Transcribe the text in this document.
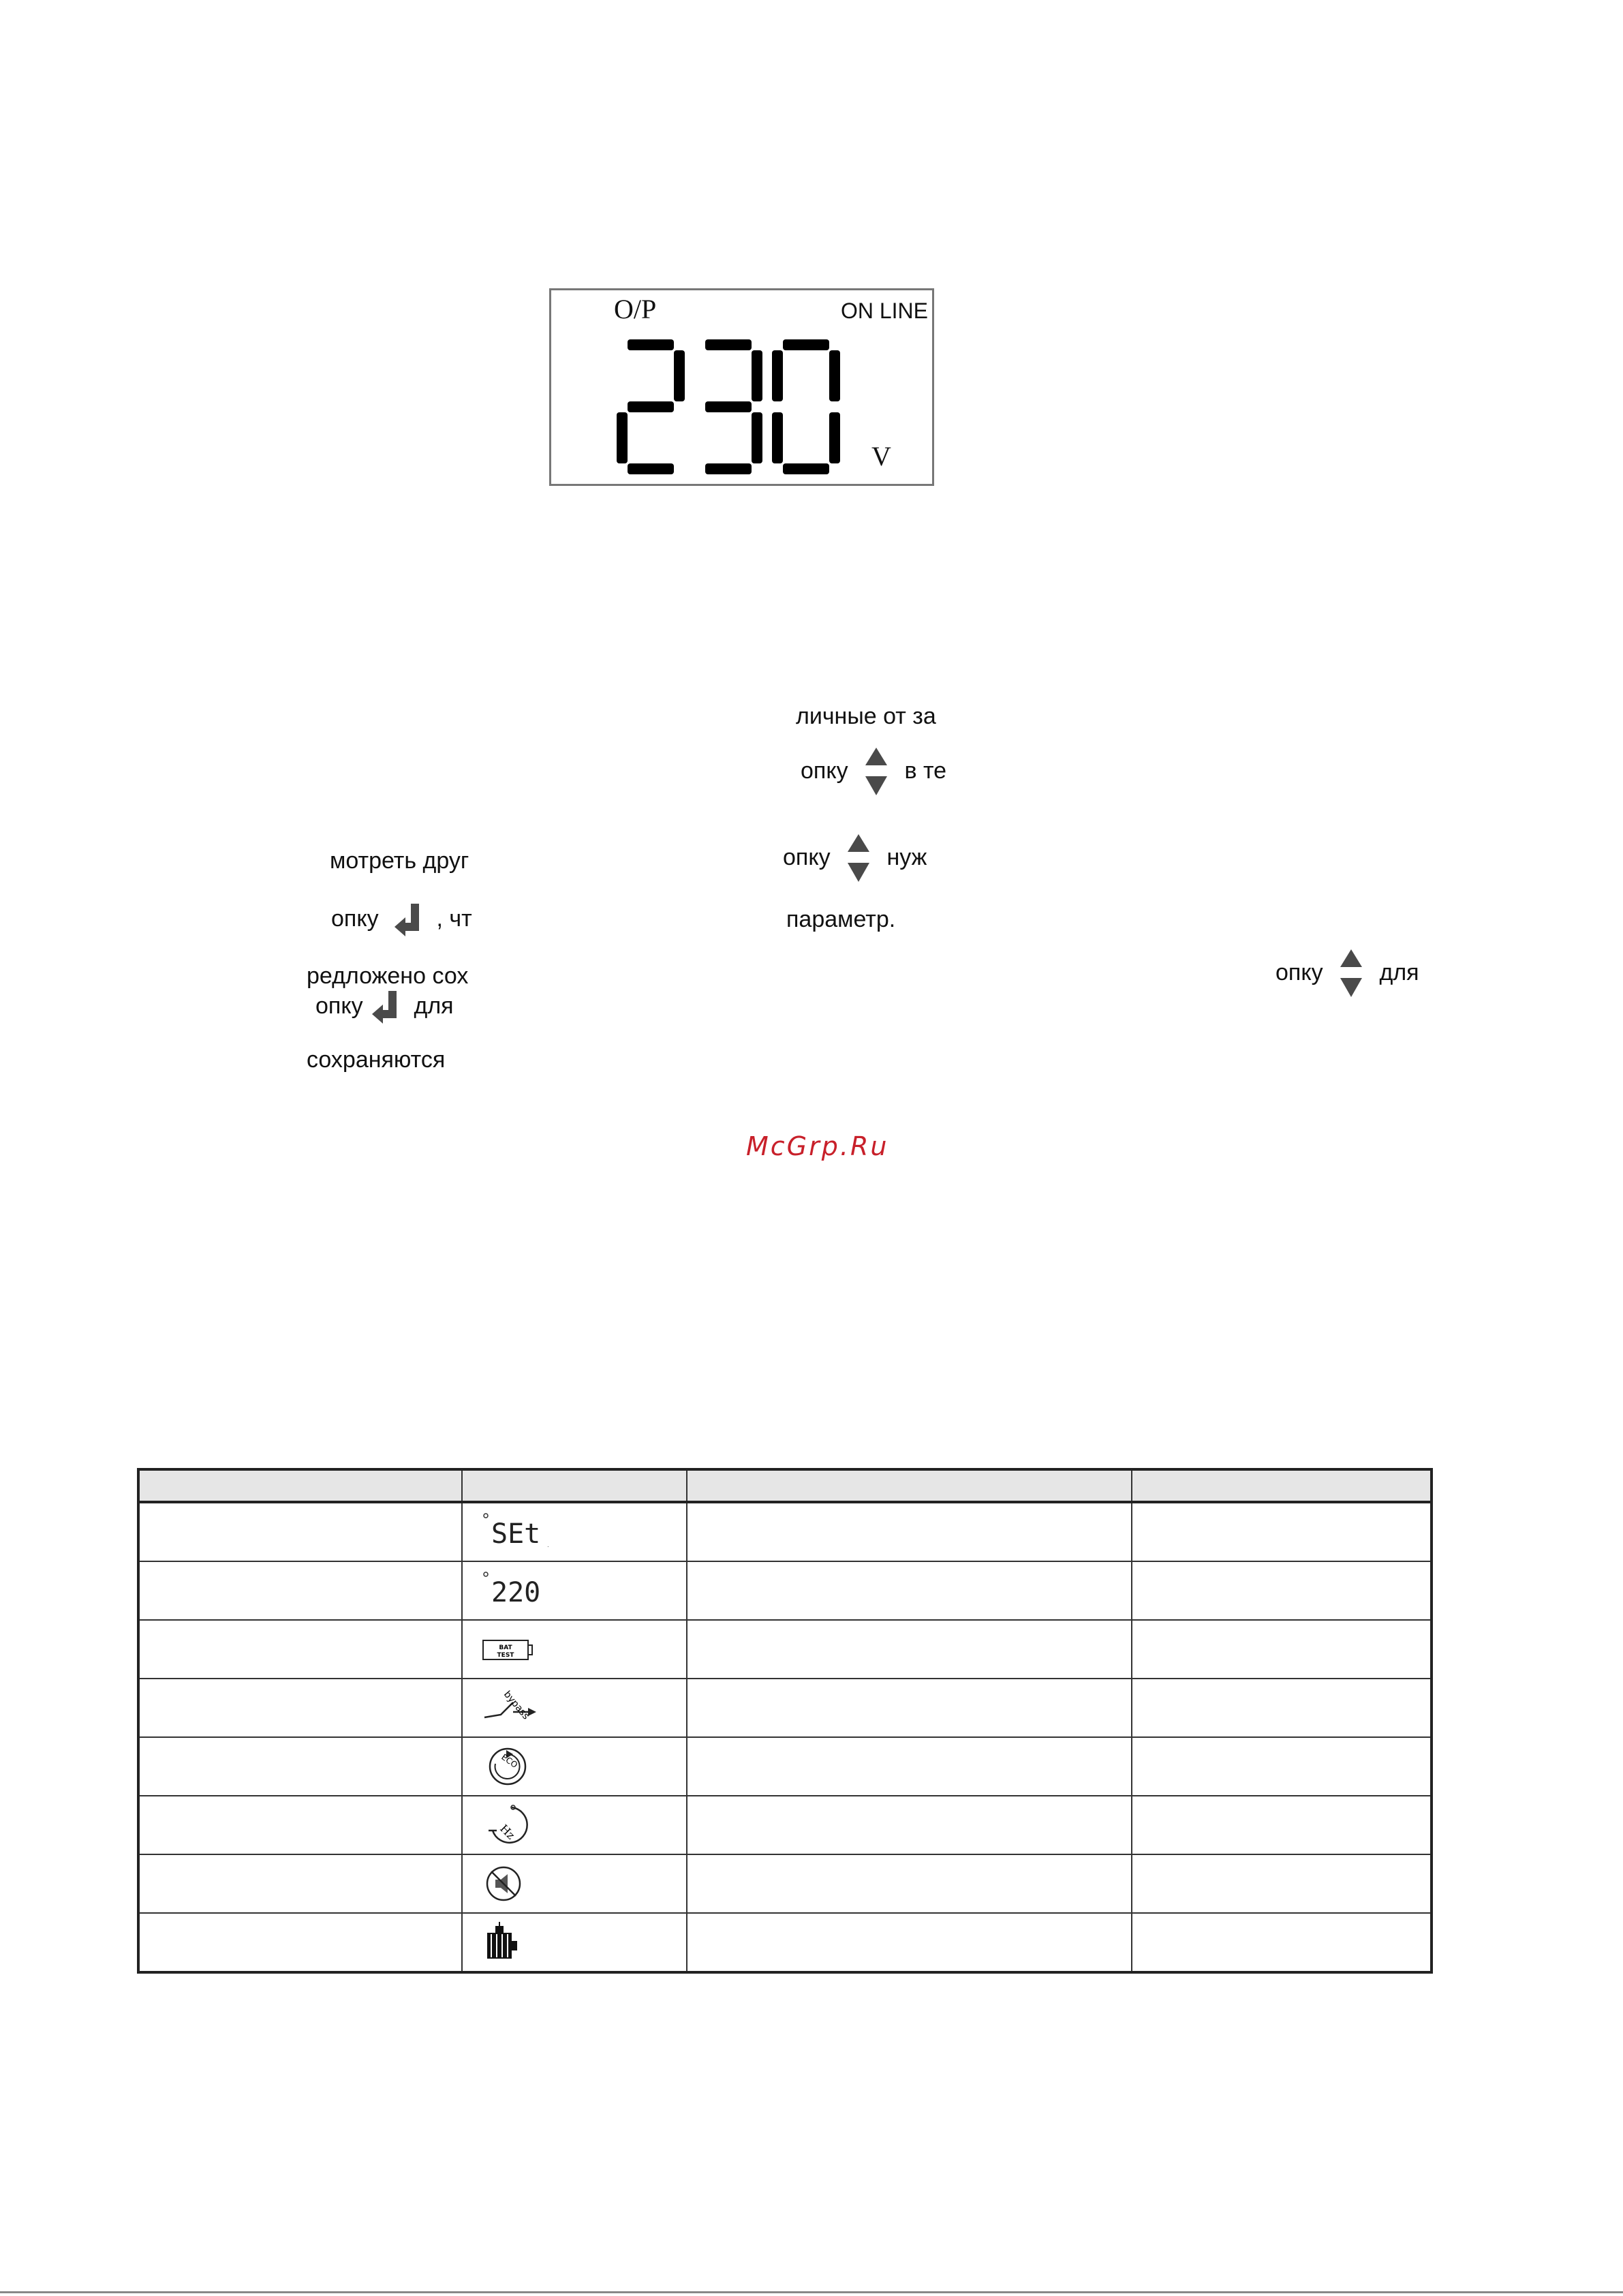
O/P	ON LINE
V
личные от за
опку в те
мотреть друг	опку нуж
опку , чт	параметр.
редложено сох	опку для
опку для
сохраняются
McGrp.Ru

SEt .		

220		

BAT
TEST		

bypass		

ECO		

Hz		
